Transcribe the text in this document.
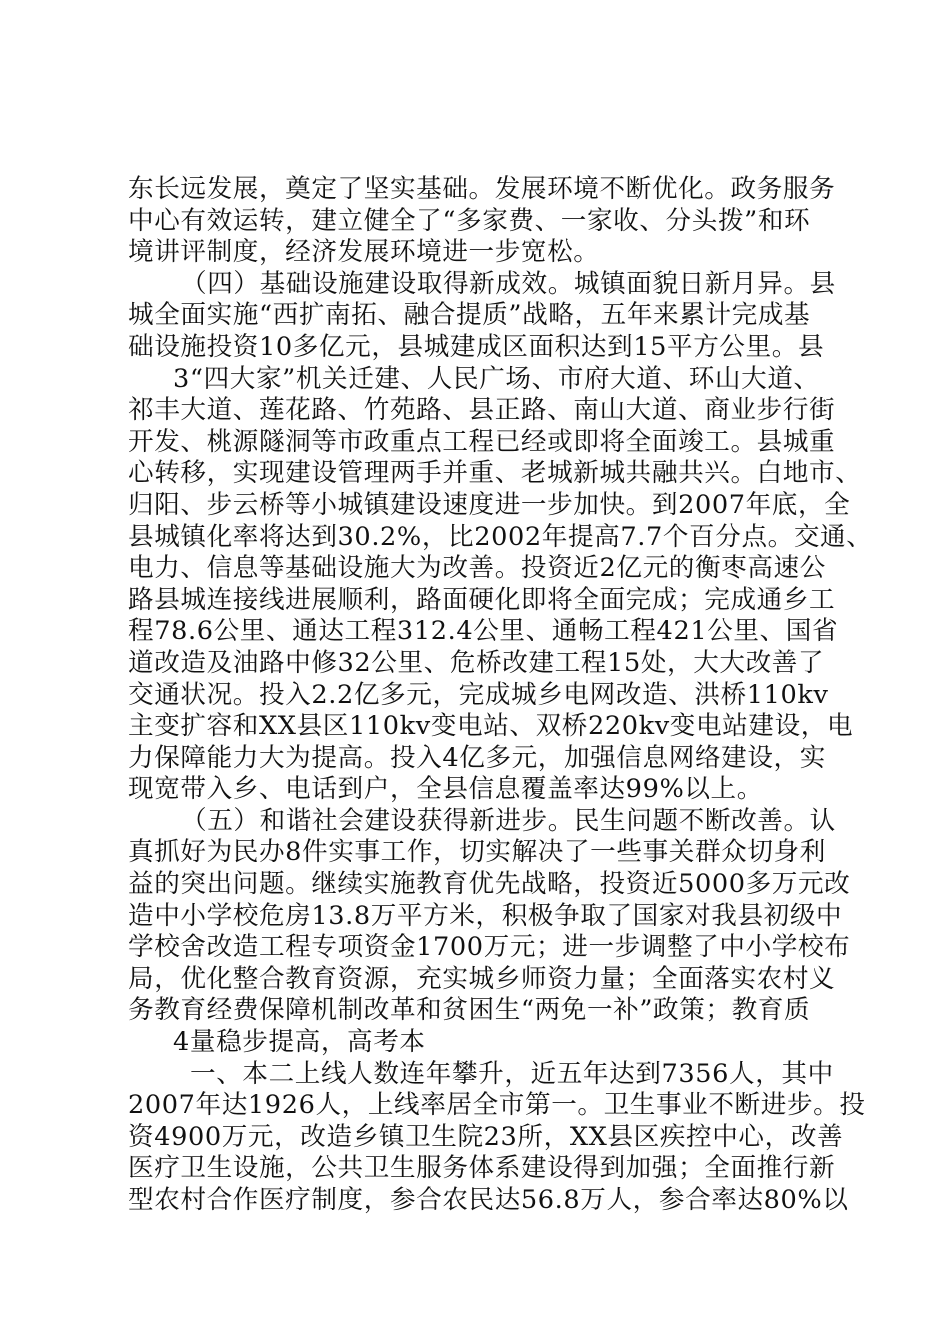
东长远发展，奠定了坚实基础。发展环境不断优化。政务服务
中心有效运转，建立健全了“多家费、一家收、分头拨”和环
境讲评制度，经济发展环境进一步宽松。
（四）基础设施建设取得新成效。城镇面貌日新月异。县
城全面实施“西扩南拓、融合提质”战略，五年来累计完成基
础设施投资10多亿元，县城建成区面积达到15平方公里。县
3“四大家”机关迁建、人民广场、市府大道、环山大道、
祁丰大道、莲花路、竹苑路、县正路、南山大道、商业步行街
开发、桃源隧洞等市政重点工程已经或即将全面竣工。县城重
心转移，实现建设管理两手并重、老城新城共融共兴。白地市、
归阳、步云桥等小城镇建设速度进一步加快。到2007年底，全
县城镇化率将达到30.2%，比2002年提高7.7个百分点。交通、
电力、信息等基础设施大为改善。投资近2亿元的衡枣高速公
路县城连接线进展顺利，路面硬化即将全面完成；完成通乡工
程78.6公里、通达工程312.4公里、通畅工程421公里、国省
道改造及油路中修32公里、危桥改建工程15处，大大改善了
交通状况。投入2.2亿多元，完成城乡电网改造、洪桥110kv
主变扩容和XX县区110kv变电站、双桥220kv变电站建设，电
力保障能力大为提高。投入4亿多元，加强信息网络建设，实
现宽带入乡、电话到户，全县信息覆盖率达99%以上。
（五）和谐社会建设获得新进步。民生问题不断改善。认
真抓好为民办8件实事工作，切实解决了一些事关群众切身利
益的突出问题。继续实施教育优先战略，投资近5000多万元改
造中小学校危房13.8万平方米，积极争取了国家对我县初级中
学校舍改造工程专项资金1700万元；进一步调整了中小学校布
局，优化整合教育资源，充实城乡师资力量；全面落实农村义
务教育经费保障机制改革和贫困生“两免一补”政策；教育质
4量稳步提高，高考本
一、本二上线人数连年攀升，近五年达到7356人，其中
2007年达1926人，上线率居全市第一。卫生事业不断进步。投
资4900万元，改造乡镇卫生院23所，XX县区疾控中心，改善
医疗卫生设施，公共卫生服务体系建设得到加强；全面推行新
型农村合作医疗制度，参合农民达56.8万人，参合率达80%以
